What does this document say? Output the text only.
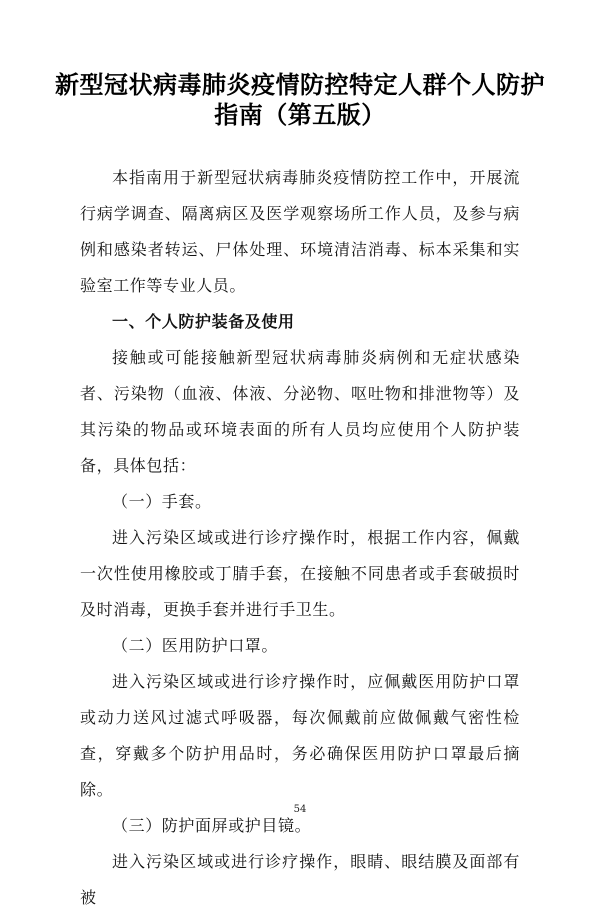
新型冠状病毒肺炎疫情防控特定人群个人防护
指南（第五版）

本指南用于新型冠状病毒肺炎疫情防控工作中，开展流行病学调查、隔离病区及医学观察场所工作人员，及参与病例和感染者转运、尸体处理、环境清洁消毒、标本采集和实验室工作等专业人员。

一、个人防护装备及使用

接触或可能接触新型冠状病毒肺炎病例和无症状感染者、污染物（血液、体液、分泌物、呕吐物和排泄物等）及其污染的物品或环境表面的所有人员均应使用个人防护装备，具体包括：

（一）手套。

进入污染区域或进行诊疗操作时，根据工作内容，佩戴一次性使用橡胶或丁腈手套，在接触不同患者或手套破损时及时消毒，更换手套并进行手卫生。

（二）医用防护口罩。

进入污染区域或进行诊疗操作时，应佩戴医用防护口罩或动力送风过滤式呼吸器，每次佩戴前应做佩戴气密性检查，穿戴多个防护用品时，务必确保医用防护口罩最后摘除。

（三）防护面屏或护目镜。

进入污染区域或进行诊疗操作，眼睛、眼结膜及面部有被

54
